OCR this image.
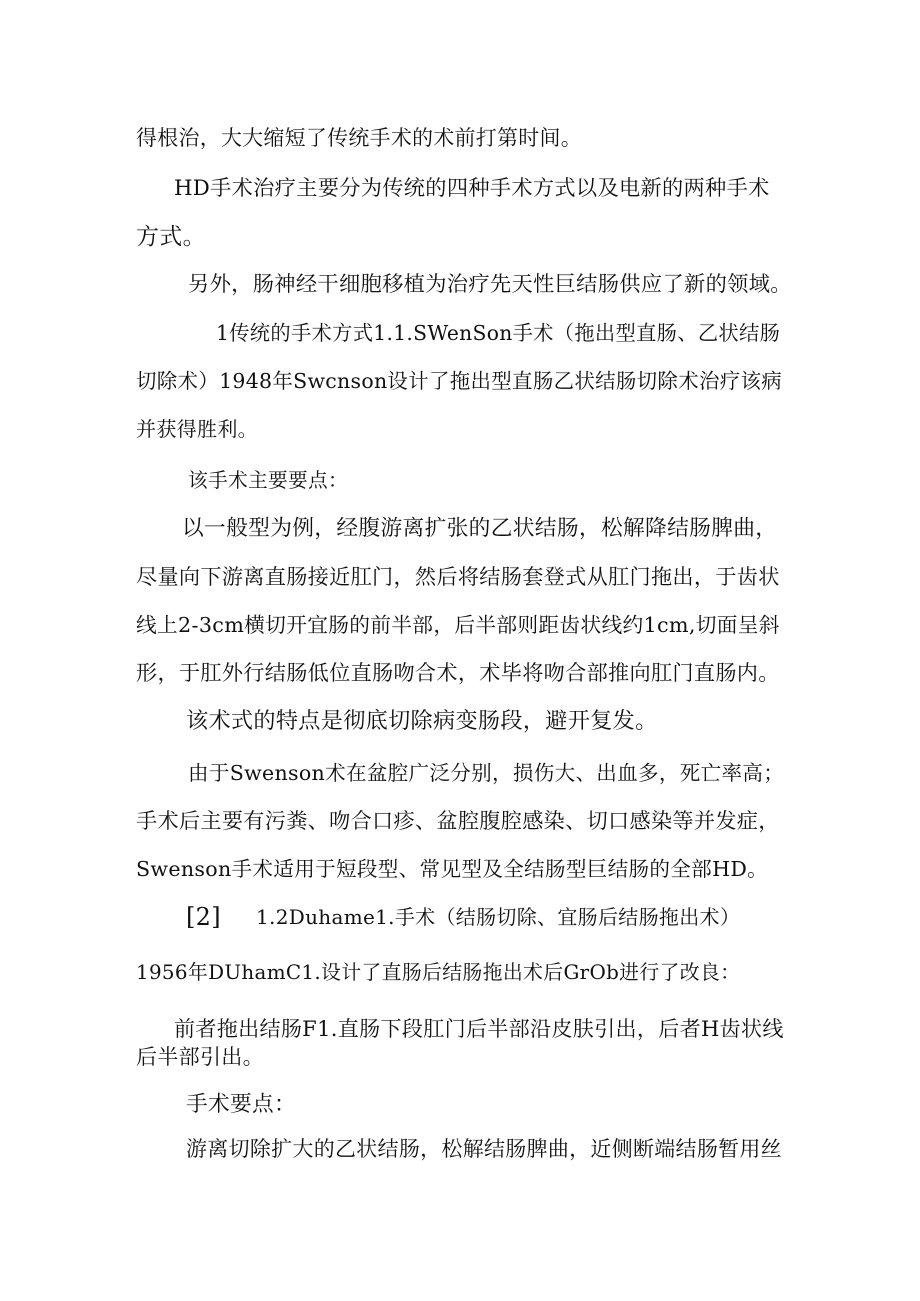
得根治，大大缩短了传统手术的术前打第时间。

HD手术治疗主要分为传统的四种手术方式以及电新的两种手术

方式。

另外，肠神经干细胞移植为治疗先天性巨结肠供应了新的领域。

1传统的手术方式1.1.SWenSon手术（拖出型直肠、乙状结肠

切除术）1948年Swcnson设计了拖出型直肠乙状结肠切除术治疗该病

并获得胜利。

该手术主要要点：

以一般型为例，经腹游离扩张的乙状结肠，松解降结肠脾曲，

尽量向下游离直肠接近肛门，然后将结肠套登式从肛门拖出，于齿状

线上2-3cm横切开宜肠的前半部，后半部则距齿状线约1cm,切面呈斜

形，于肛外行结肠低位直肠吻合术，术毕将吻合部推向肛门直肠内。

该术式的特点是彻底切除病变肠段，避开复发。

由于Swenson术在盆腔广泛分别，损伤大、出血多，死亡率高；

手术后主要有污粪、吻合口疹、盆腔腹腔感染、切口感染等并发症，

Swenson手术适用于短段型、常见型及全结肠型巨结肠的全部HD。

[2] 1.2Duhame1.手术（结肠切除、宜肠后结肠拖出术）

1956年DUhamC1.设计了直肠后结肠拖出术后GrOb进行了改良：

前者拖出结肠F1.直肠下段肛门后半部沿皮肤引出，后者H齿状线

后半部引出。

手术要点：

游离切除扩大的乙状结肠，松解结肠脾曲，近侧断端结肠暂用丝
